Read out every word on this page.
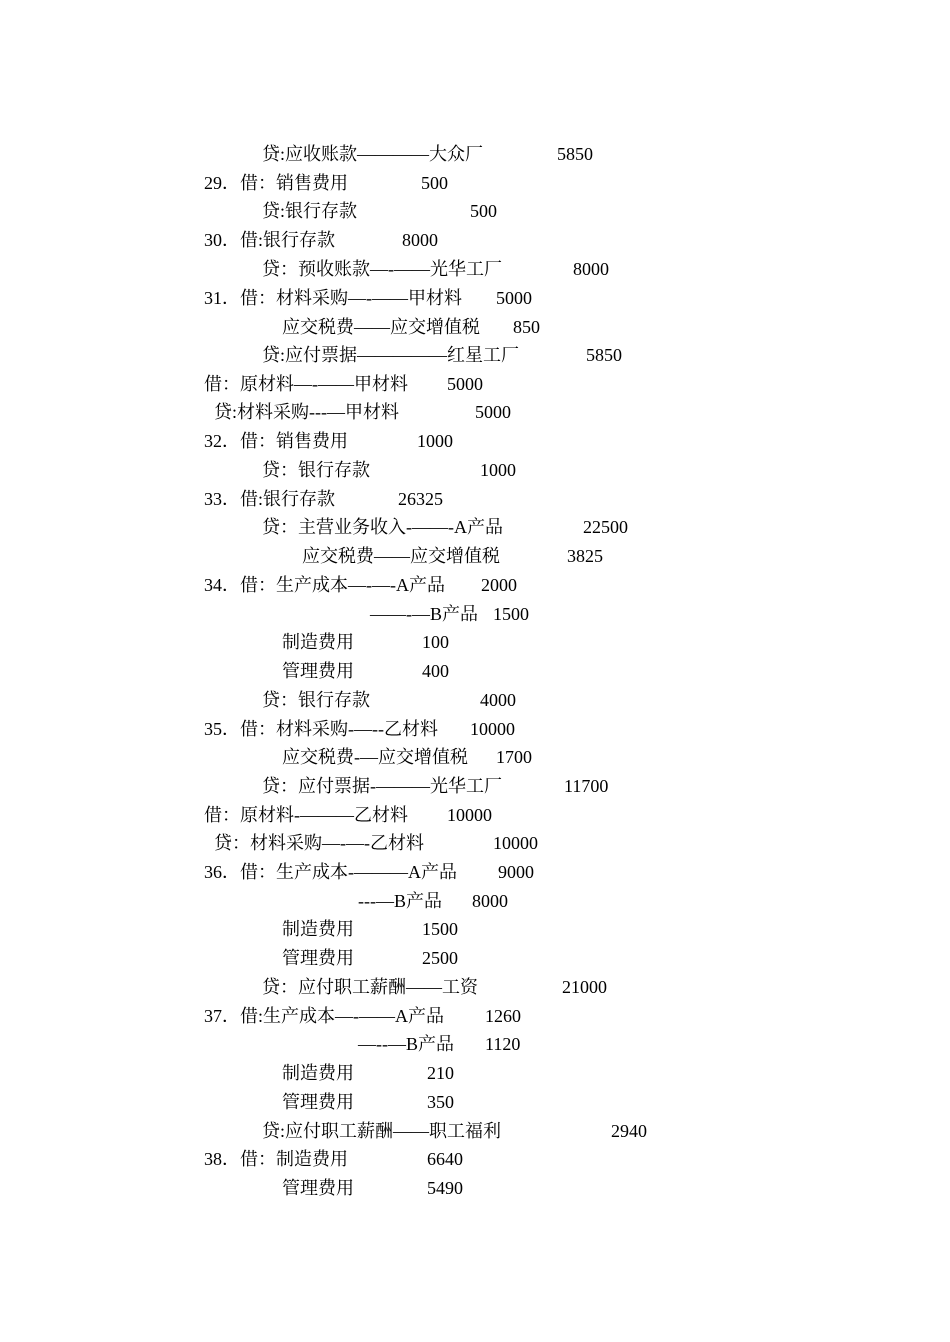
贷:应收账款————大众厂	5850
29．借：销售费用	500
贷:银行存款	500
30．借:银行存款	8000
贷：预收账款—-——光华工厂	8000
31．借：材料采购—-——甲材料 5000
应交税费——应交增值税 850
贷:应付票据—————红星工厂	5850
借：原材料—-——甲材料 5000
贷:材料采购---—甲材料	5000
32．借：销售费用	1000
贷：银行存款	1000
33．借:银行存款	26325
贷：主营业务收入-——-A产品	22500
应交税费——应交增值税	3825
34．借：生产成本—-—-A产品 2000
——-—B产品 1500
制造费用	100
管理费用	400
贷：银行存款	4000
35．借：材料采购-—--乙材料 10000
应交税费-—应交增值税 1700
贷：应付票据-———光华工厂	11700
借：原材料-———乙材料 10000
贷：材料采购—-—-乙材料	10000
36．借：生产成本-———A产品 9000
---—B产品 8000
制造费用	1500
管理费用	2500
贷：应付职工薪酬——工资	21000
37．借:生产成本—-——A产品 1260
—--—B产品 1120
制造费用	210
管理费用	350
贷:应付职工薪酬——职工福利	2940
38．借：制造费用	6640
管理费用	5490
